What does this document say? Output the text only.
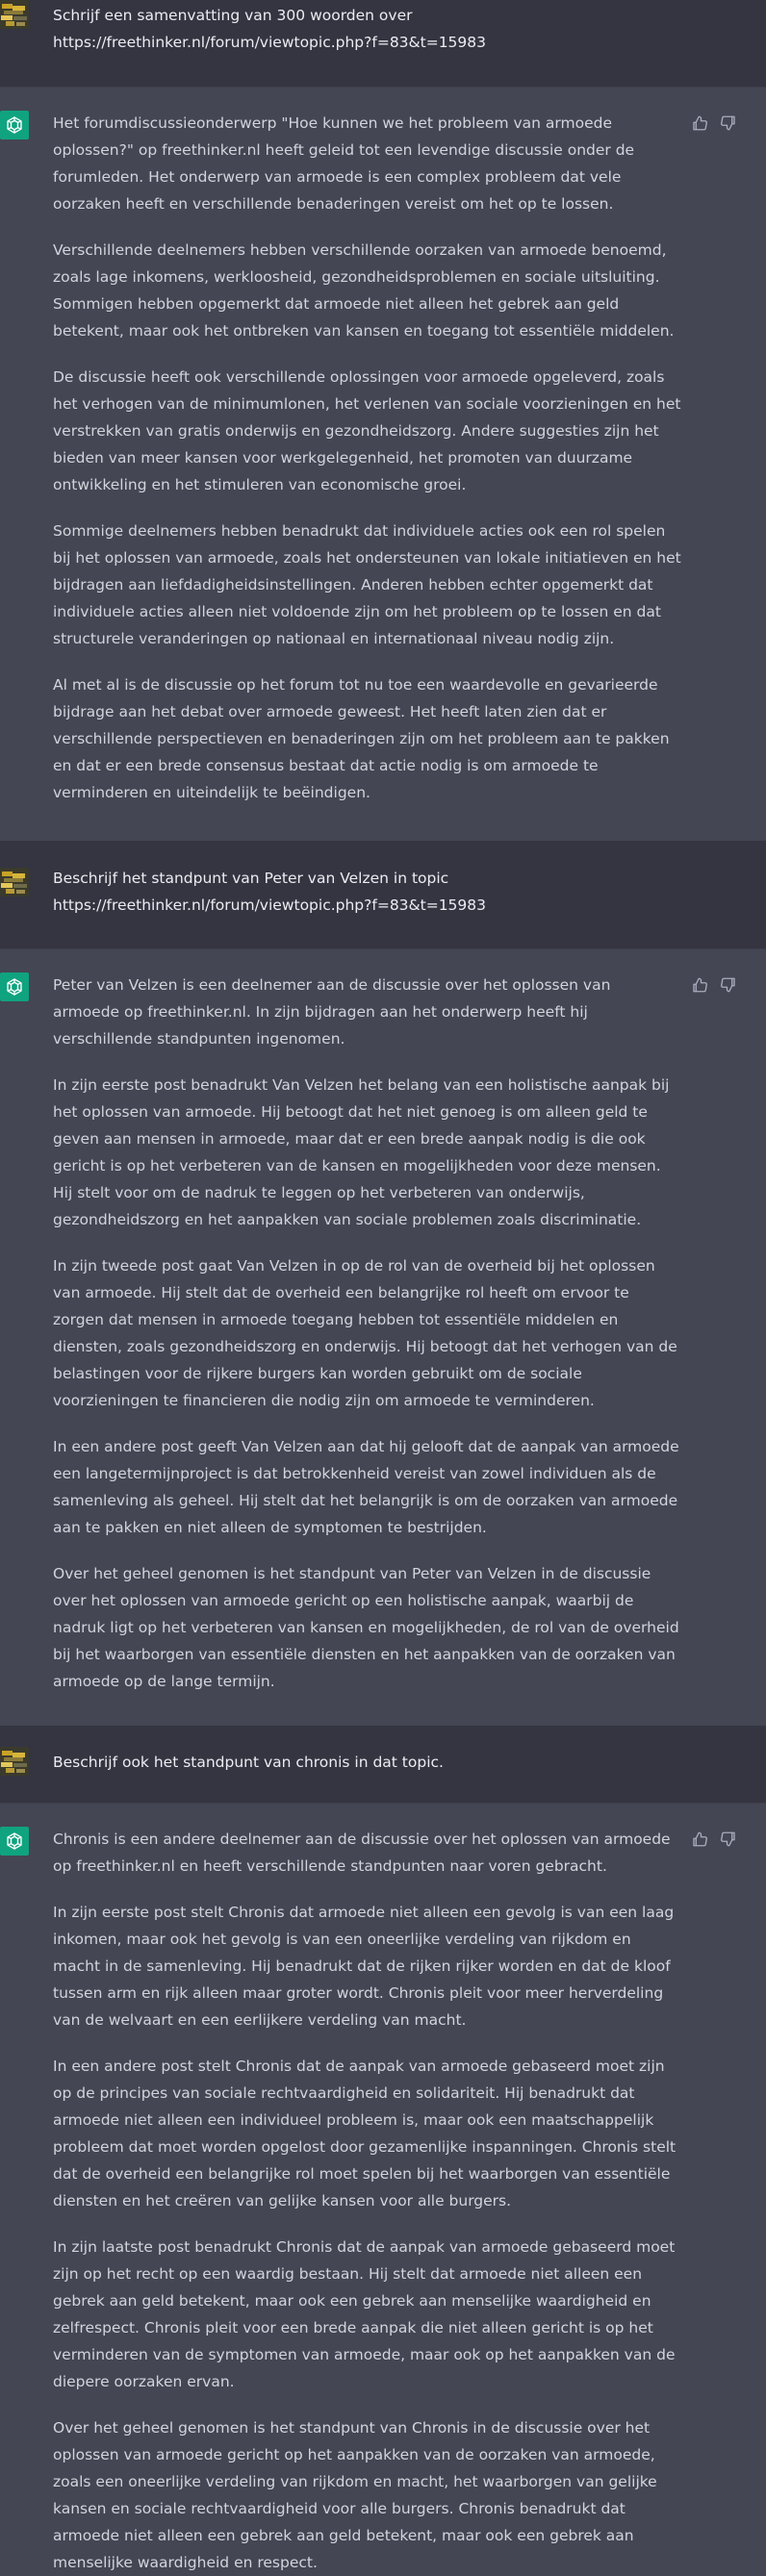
Schrijf een samenvatting van 300 woorden over
https://freethinker.nl/forum/viewtopic.php?f=83&t=15983

Het forumdiscussieonderwerp "Hoe kunnen we het probleem van armoede oplossen?" op freethinker.nl heeft geleid tot een levendige discussie onder de forumleden. Het onderwerp van armoede is een complex probleem dat vele oorzaken heeft en verschillende benaderingen vereist om het op te lossen.

Verschillende deelnemers hebben verschillende oorzaken van armoede benoemd, zoals lage inkomens, werkloosheid, gezondheidsproblemen en sociale uitsluiting. Sommigen hebben opgemerkt dat armoede niet alleen het gebrek aan geld betekent, maar ook het ontbreken van kansen en toegang tot essentiële middelen.

De discussie heeft ook verschillende oplossingen voor armoede opgeleverd, zoals het verhogen van de minimumlonen, het verlenen van sociale voorzieningen en het verstrekken van gratis onderwijs en gezondheidszorg. Andere suggesties zijn het bieden van meer kansen voor werkgelegenheid, het promoten van duurzame ontwikkeling en het stimuleren van economische groei.

Sommige deelnemers hebben benadrukt dat individuele acties ook een rol spelen bij het oplossen van armoede, zoals het ondersteunen van lokale initiatieven en het bijdragen aan liefdadigheidsinstellingen. Anderen hebben echter opgemerkt dat individuele acties alleen niet voldoende zijn om het probleem op te lossen en dat structurele veranderingen op nationaal en internationaal niveau nodig zijn.

Al met al is de discussie op het forum tot nu toe een waardevolle en gevarieerde bijdrage aan het debat over armoede geweest. Het heeft laten zien dat er verschillende perspectieven en benaderingen zijn om het probleem aan te pakken en dat er een brede consensus bestaat dat actie nodig is om armoede te verminderen en uiteindelijk te beëindigen.

Beschrijf het standpunt van Peter van Velzen in topic
https://freethinker.nl/forum/viewtopic.php?f=83&t=15983

Peter van Velzen is een deelnemer aan de discussie over het oplossen van armoede op freethinker.nl. In zijn bijdragen aan het onderwerp heeft hij verschillende standpunten ingenomen.

In zijn eerste post benadrukt Van Velzen het belang van een holistische aanpak bij het oplossen van armoede. Hij betoogt dat het niet genoeg is om alleen geld te geven aan mensen in armoede, maar dat er een brede aanpak nodig is die ook gericht is op het verbeteren van de kansen en mogelijkheden voor deze mensen. Hij stelt voor om de nadruk te leggen op het verbeteren van onderwijs, gezondheidszorg en het aanpakken van sociale problemen zoals discriminatie.

In zijn tweede post gaat Van Velzen in op de rol van de overheid bij het oplossen van armoede. Hij stelt dat de overheid een belangrijke rol heeft om ervoor te zorgen dat mensen in armoede toegang hebben tot essentiële middelen en diensten, zoals gezondheidszorg en onderwijs. Hij betoogt dat het verhogen van de belastingen voor de rijkere burgers kan worden gebruikt om de sociale voorzieningen te financieren die nodig zijn om armoede te verminderen.

In een andere post geeft Van Velzen aan dat hij gelooft dat de aanpak van armoede een langetermijnproject is dat betrokkenheid vereist van zowel individuen als de samenleving als geheel. Hij stelt dat het belangrijk is om de oorzaken van armoede aan te pakken en niet alleen de symptomen te bestrijden.

Over het geheel genomen is het standpunt van Peter van Velzen in de discussie over het oplossen van armoede gericht op een holistische aanpak, waarbij de nadruk ligt op het verbeteren van kansen en mogelijkheden, de rol van de overheid bij het waarborgen van essentiële diensten en het aanpakken van de oorzaken van armoede op de lange termijn.

Beschrijf ook het standpunt van chronis in dat topic.

Chronis is een andere deelnemer aan de discussie over het oplossen van armoede op freethinker.nl en heeft verschillende standpunten naar voren gebracht.

In zijn eerste post stelt Chronis dat armoede niet alleen een gevolg is van een laag inkomen, maar ook het gevolg is van een oneerlijke verdeling van rijkdom en macht in de samenleving. Hij benadrukt dat de rijken rijker worden en dat de kloof tussen arm en rijk alleen maar groter wordt. Chronis pleit voor meer herverdeling van de welvaart en een eerlijkere verdeling van macht.

In een andere post stelt Chronis dat de aanpak van armoede gebaseerd moet zijn op de principes van sociale rechtvaardigheid en solidariteit. Hij benadrukt dat armoede niet alleen een individueel probleem is, maar ook een maatschappelijk probleem dat moet worden opgelost door gezamenlijke inspanningen. Chronis stelt dat de overheid een belangrijke rol moet spelen bij het waarborgen van essentiële diensten en het creëren van gelijke kansen voor alle burgers.

In zijn laatste post benadrukt Chronis dat de aanpak van armoede gebaseerd moet zijn op het recht op een waardig bestaan. Hij stelt dat armoede niet alleen een gebrek aan geld betekent, maar ook een gebrek aan menselijke waardigheid en zelfrespect. Chronis pleit voor een brede aanpak die niet alleen gericht is op het verminderen van de symptomen van armoede, maar ook op het aanpakken van de diepere oorzaken ervan.

Over het geheel genomen is het standpunt van Chronis in de discussie over het oplossen van armoede gericht op het aanpakken van de oorzaken van armoede, zoals een oneerlijke verdeling van rijkdom en macht, het waarborgen van gelijke kansen en sociale rechtvaardigheid voor alle burgers. Chronis benadrukt dat armoede niet alleen een gebrek aan geld betekent, maar ook een gebrek aan menselijke waardigheid en respect.
